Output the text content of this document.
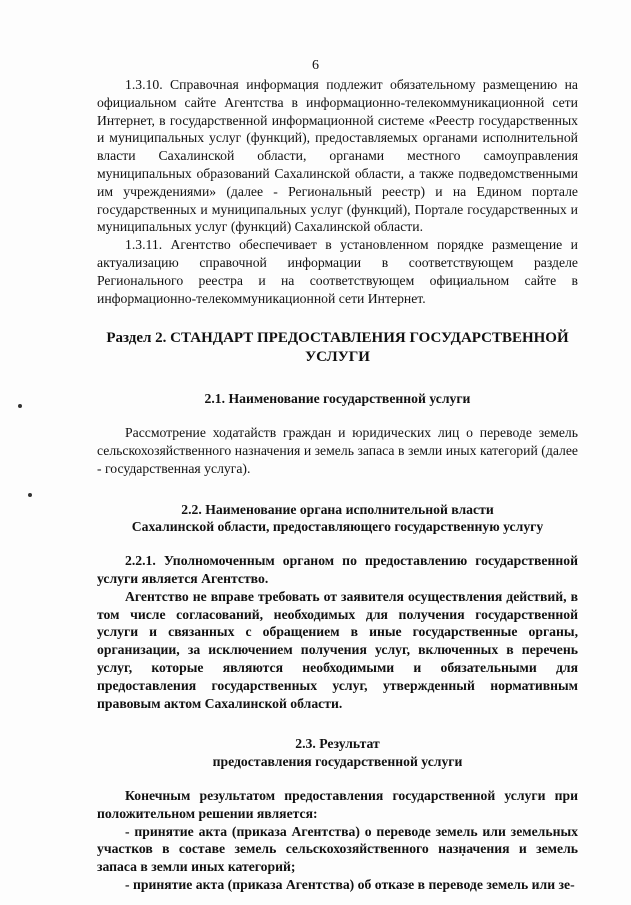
6

1.3.10. Справочная информация подлежит обязательному размещению на официальном сайте Агентства в информационно-телекоммуникационной сети Интернет, в государственной информационной системе «Реестр государственных и муниципальных услуг (функций), предоставляемых органами исполнительной власти Сахалинской области, органами местного самоуправления муниципальных образований Сахалинской области, а также подведомственными им учреждениями» (далее - Региональный реестр) и на Едином портале государственных и муниципальных услуг (функций), Портале государственных и муниципальных услуг (функций) Сахалинской области.

1.3.11. Агентство обеспечивает в установленном порядке размещение и актуализацию справочной информации в соответствующем разделе Регионального реестра и на соответствующем официальном сайте в информационно-телекоммуникационной сети Интернет.

Раздел 2. СТАНДАРТ ПРЕДОСТАВЛЕНИЯ ГОСУДАРСТВЕННОЙ УСЛУГИ
2.1. Наименование государственной услуги

Рассмотрение ходатайств граждан и юридических лиц о переводе земель сельскохозяйственного назначения и земель запаса в земли иных категорий (далее - государственная услуга).

2.2. Наименование органа исполнительной власти
Сахалинской области, предоставляющего государственную услугу

2.2.1. Уполномоченным органом по предоставлению государственной услуги является Агентство.

Агентство не вправе требовать от заявителя осуществления действий, в том числе согласований, необходимых для получения государственной услуги и связанных с обращением в иные государственные органы, организации, за исключением получения услуг, включенных в перечень услуг, которые являются необходимыми и обязательными для предоставления государственных услуг, утвержденный нормативным правовым актом Сахалинской области.

2.3. Результат
предоставления государственной услуги

Конечным результатом предоставления государственной услуги при положительном решении является:

- принятие акта (приказа Агентства) о переводе земель или земельных участков в составе земель сельскохозяйственного назначения и земель запаса в земли иных категорий;

- принятие акта (приказа Агентства) об отказе в переводе земель или зе-
